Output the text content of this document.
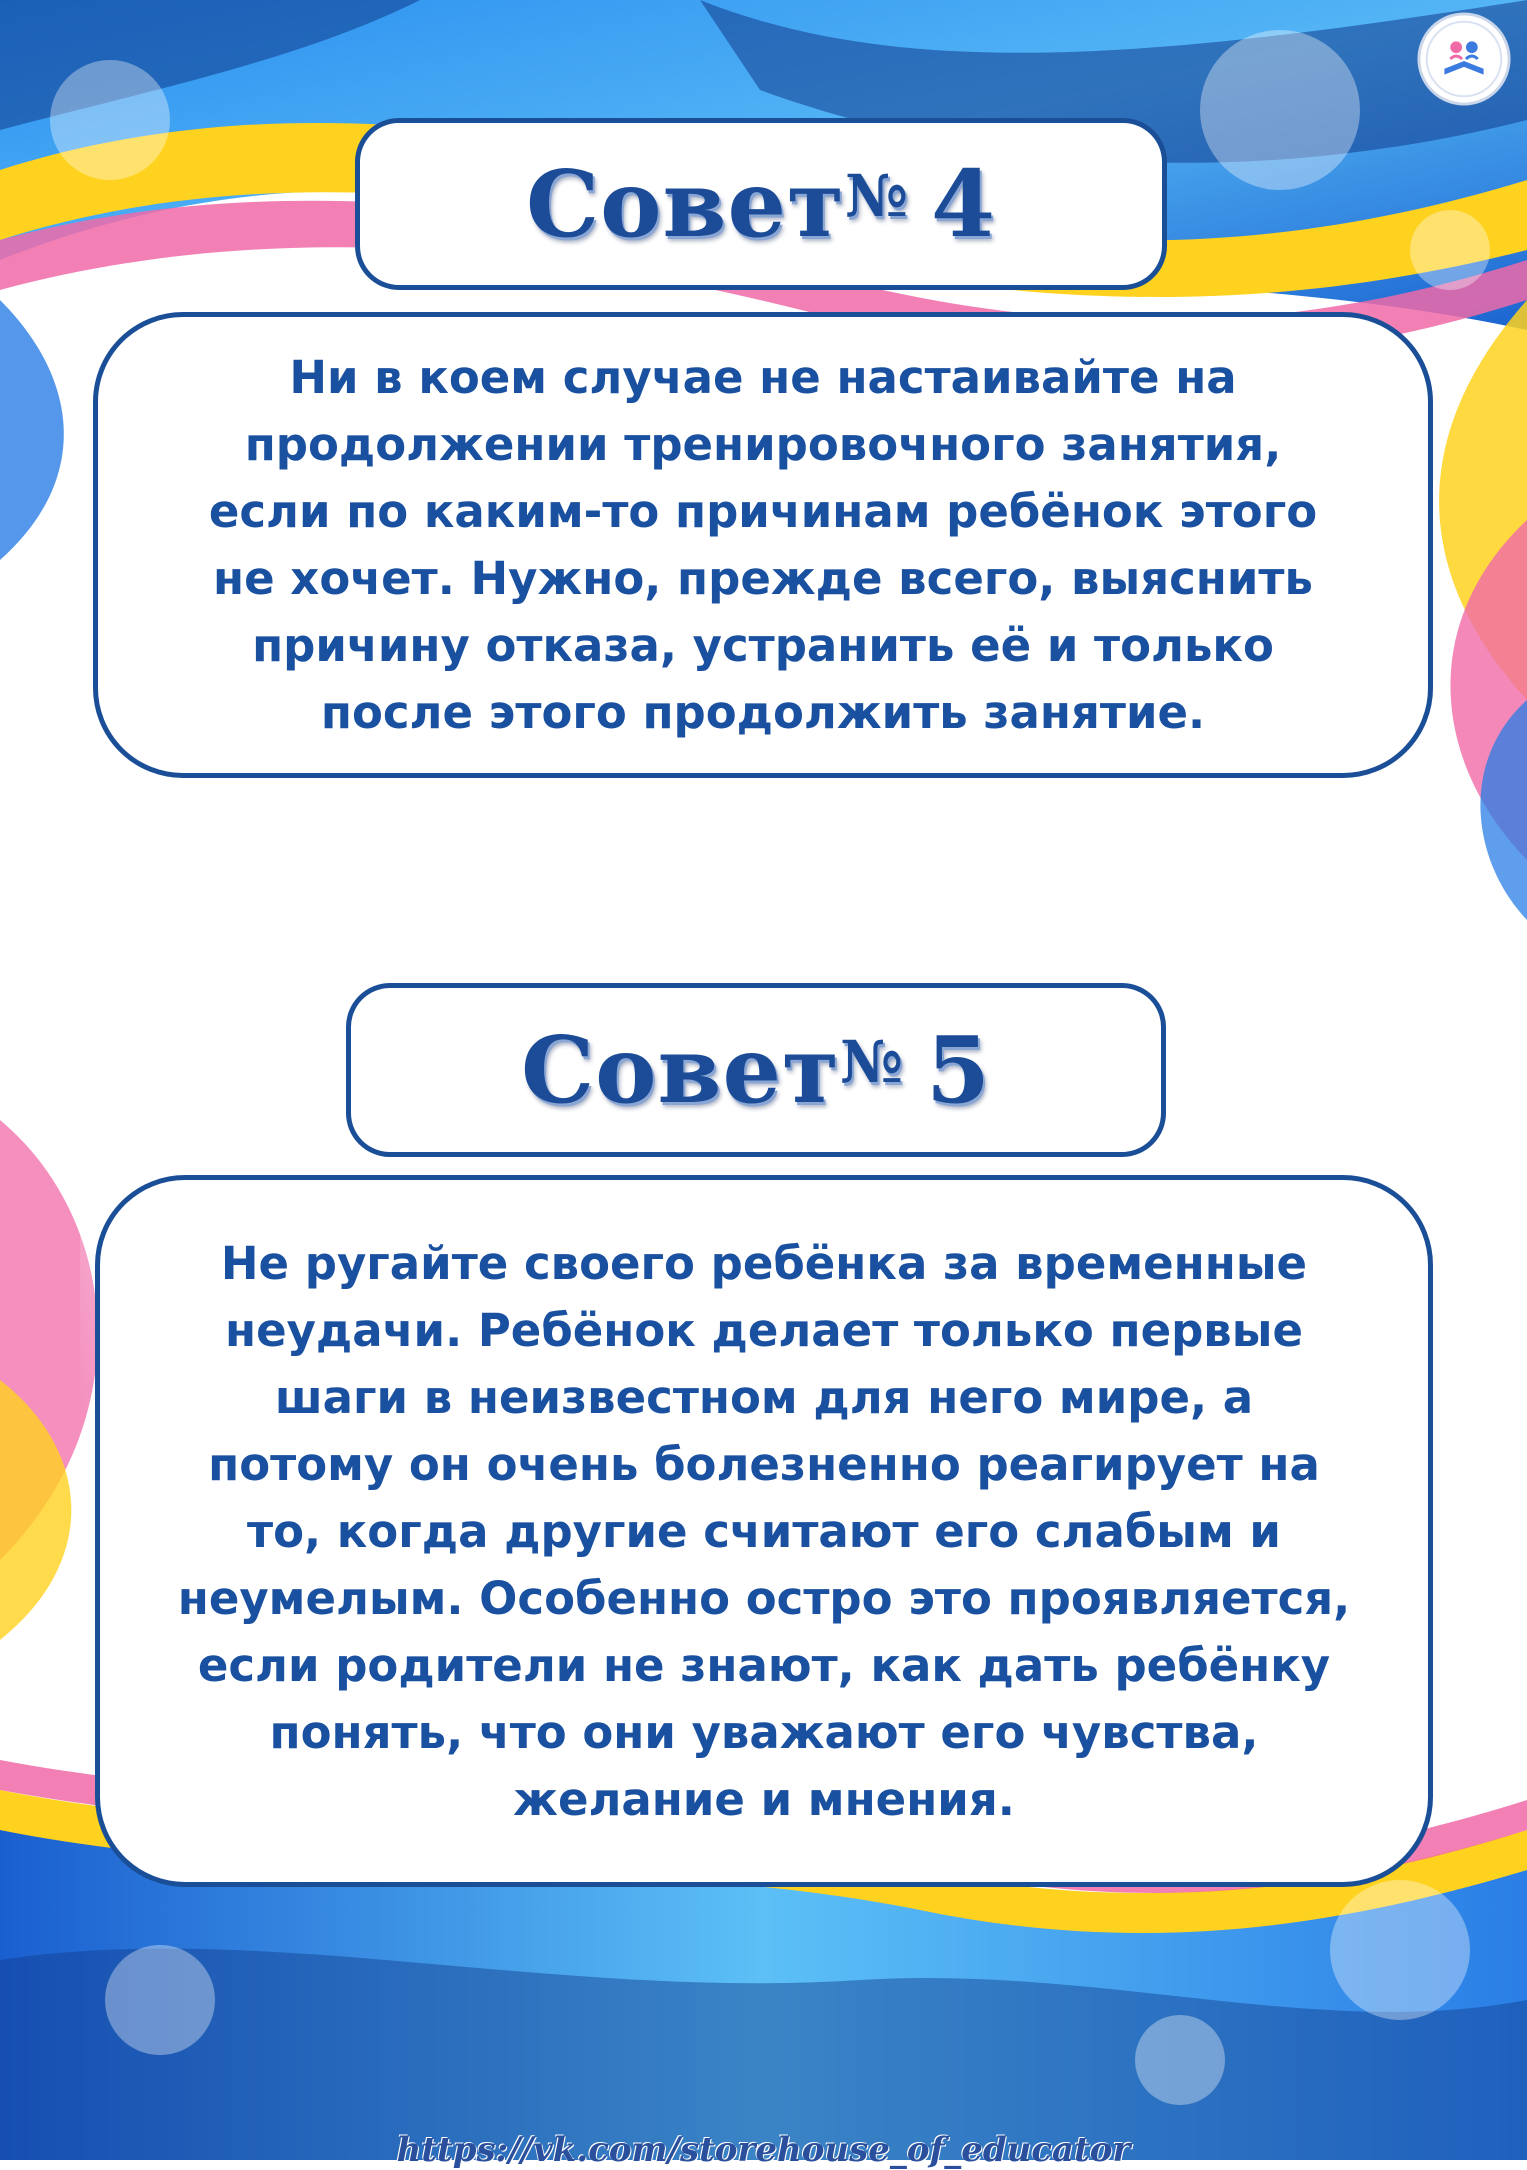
Совет№ 4
Ни в коем случае не настаивайте на
продолжении тренировочного занятия,
если по каким-то причинам ребёнок этого
не хочет. Нужно, прежде всего, выяснить
причину отказа, устранить её и только
после этого продолжить занятие.
Совет№ 5
Не ругайте своего ребёнка за временные
неудачи. Ребёнок делает только первые
шаги в неизвестном для него мире, а
потому он очень болезненно реагирует на
то, когда другие считают его слабым и
неумелым. Особенно остро это проявляется,
если родители не знают, как дать ребёнку
понять, что они уважают его чувства,
желание и мнения.
https://vk.com/storehouse_of_educator
